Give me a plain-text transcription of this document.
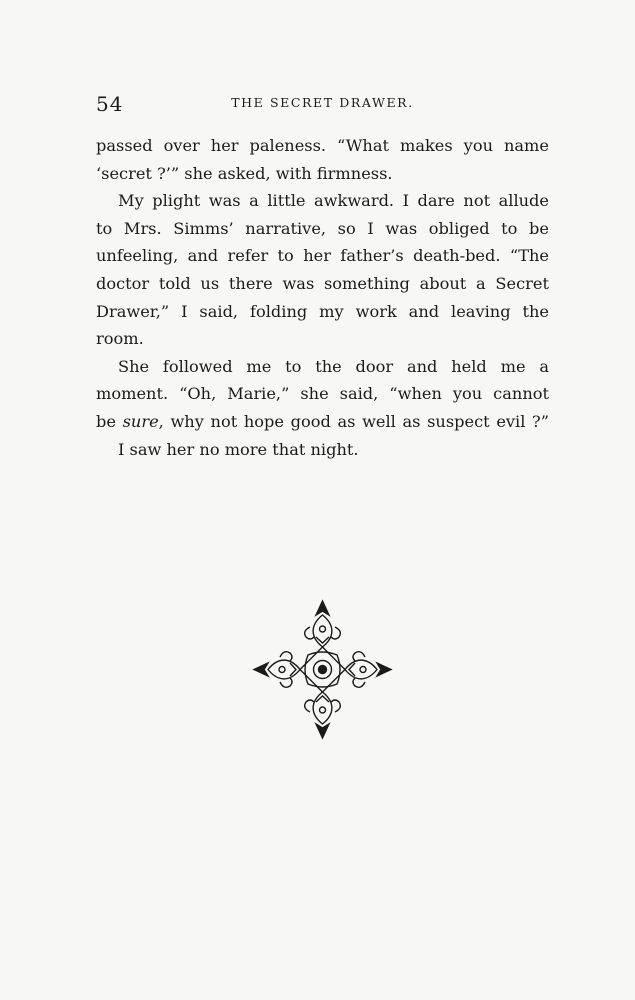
54	THE SECRET DRAWER.
passed over her paleness. “What makes you name
‘secret ?’” she asked, with firmness.
My plight was a little awkward. I dare not allude
to Mrs. Simms’ narrative, so I was obliged to be
unfeeling, and refer to her father’s death-bed. “The
doctor told us there was something about a Secret
Drawer,” I said, folding my work and leaving the
room.
She followed me to the door and held me a
moment. “Oh, Marie,” she said, “when you cannot
be sure, why not hope good as well as suspect evil ?”
I saw her no more that night.
